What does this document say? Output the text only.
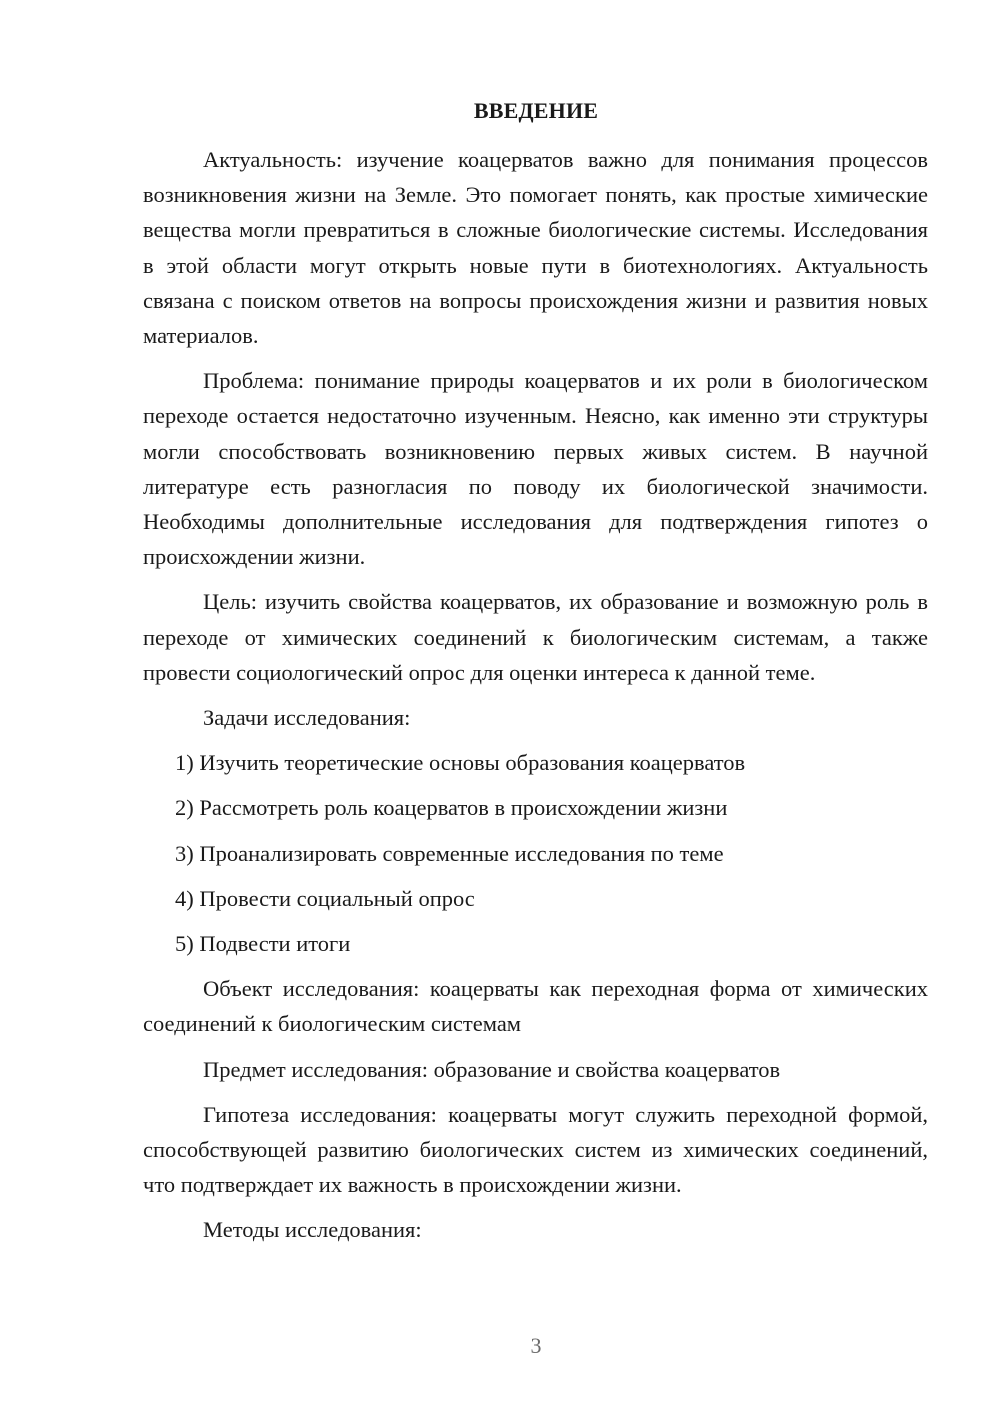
ВВЕДЕНИЕ

Актуальность: изучение коацерватов важно для понимания процессов возникновения жизни на Земле. Это помогает понять, как простые химические вещества могли превратиться в сложные биологические системы. Исследования в этой области могут открыть новые пути в биотехнологиях. Актуальность связана с поиском ответов на вопросы происхождения жизни и развития новых материалов.

Проблема: понимание природы коацерватов и их роли в биологическом переходе остается недостаточно изученным. Неясно, как именно эти структуры могли способствовать возникновению первых живых систем. В научной литературе есть разногласия по поводу их биологической значимости. Необходимы дополнительные исследования для подтверждения гипотез о происхождении жизни.

Цель: изучить свойства коацерватов, их образование и возможную роль в переходе от химических соединений к биологическим системам, а также провести социологический опрос для оценки интереса к данной теме.

Задачи исследования:

1) Изучить теоретические основы образования коацерватов
2) Рассмотреть роль коацерватов в происхождении жизни
3) Проанализировать современные исследования по теме
4) Провести социальный опрос
5) Подвести итоги

Объект исследования: коацерваты как переходная форма от химических соединений к биологическим системам

Предмет исследования: образование и свойства коацерватов

Гипотеза исследования: коацерваты могут служить переходной формой, способствующей развитию биологических систем из химических соединений, что подтверждает их важность в происхождении жизни.

Методы исследования:

3
